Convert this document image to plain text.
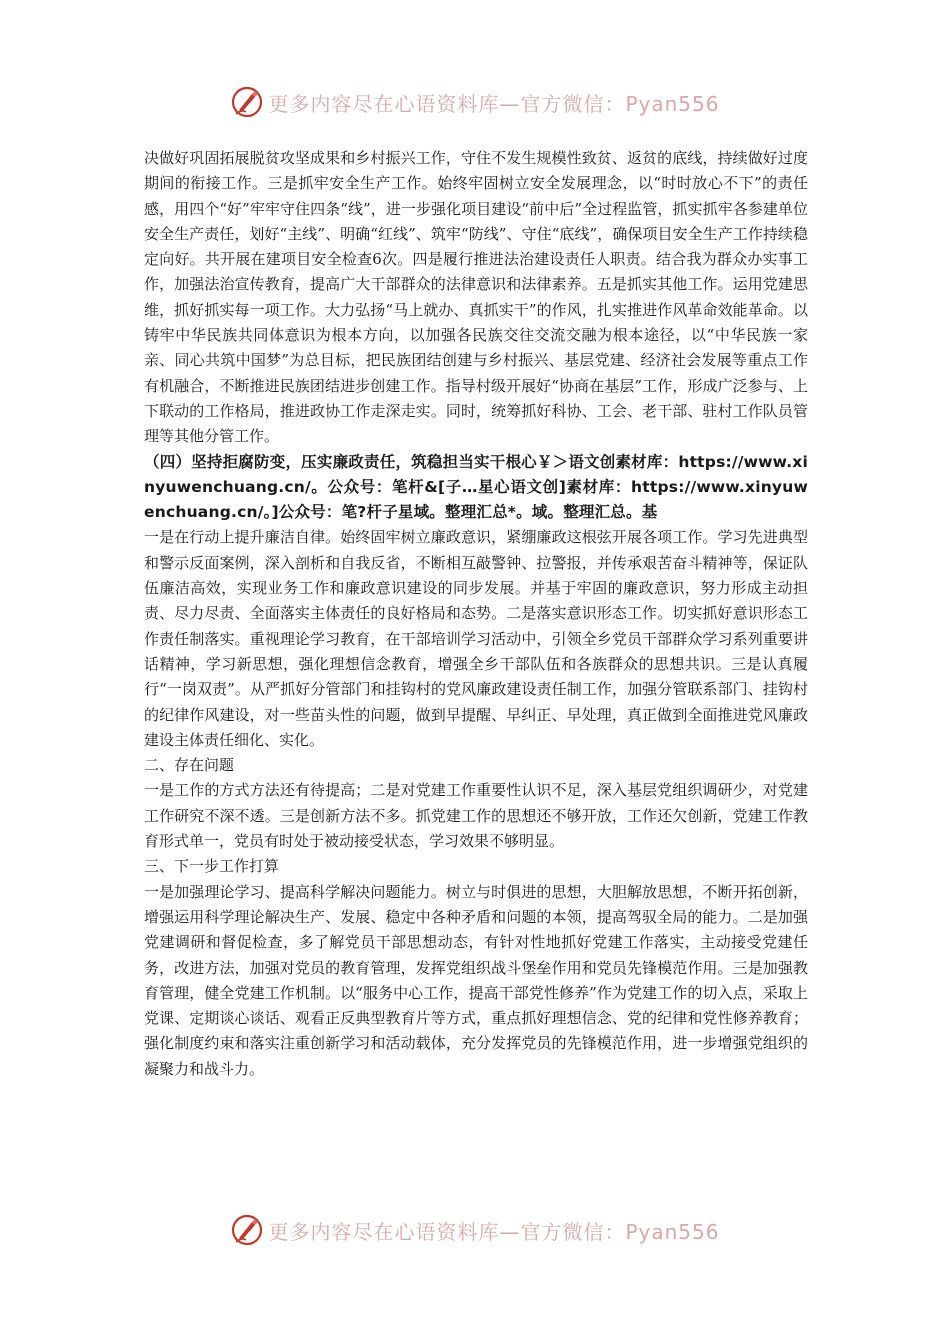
更多内容尽在心语资料库—官方微信：Pyan556

决做好巩固拓展脱贫攻坚成果和乡村振兴工作，守住不发生规模性致贫、返贫的底线，持续做好过度期间的衔接工作。三是抓牢安全生产工作。始终牢固树立安全发展理念，以“时时放心不下”的责任感，用四个“好”牢牢守住四条“线”，进一步强化项目建设“前中后”全过程监管，抓实抓牢各参建单位安全生产责任，划好“主线”、明确“红线”、筑牢“防线”、守住“底线”，确保项目安全生产工作持续稳定向好。共开展在建项目安全检查6次。四是履行推进法治建设责任人职责。结合我为群众办实事工作，加强法治宣传教育，提高广大干部群众的法律意识和法律素养。五是抓实其他工作。运用党建思维，抓好抓实每一项工作。大力弘扬“马上就办、真抓实干”的作风，扎实推进作风革命效能革命。以铸牢中华民族共同体意识为根本方向，以加强各民族交往交流交融为根本途径，以“中华民族一家亲、同心共筑中国梦”为总目标，把民族团结创建与乡村振兴、基层党建、经济社会发展等重点工作有机融合，不断推进民族团结进步创建工作。指导村级开展好“协商在基层”工作，形成广泛参与、上下联动的工作格局，推进政协工作走深走实。同时，统筹抓好科协、工会、老干部、驻村工作队员管理等其他分管工作。

（四）坚持拒腐防变，压实廉政责任，筑稳担当实干根心￥＞语文创素材库：https://www.xinyuwenchuang.cn/。公众号：笔杆&[子…星心语文创]素材库：https://www.xinyuwenchuang.cn/。]公众号：笔?杆子星域。整理汇总*。域。整理汇总。基

一是在行动上提升廉洁自律。始终固牢树立廉政意识，紧绷廉政这根弦开展各项工作。学习先进典型和警示反面案例，深入剖析和自我反省，不断相互敲警钟、拉警报，并传承艰苦奋斗精神等，保证队伍廉洁高效，实现业务工作和廉政意识建设的同步发展。并基于牢固的廉政意识，努力形成主动担责、尽力尽责、全面落实主体责任的良好格局和态势。二是落实意识形态工作。切实抓好意识形态工作责任制落实。重视理论学习教育，在干部培训学习活动中，引领全乡党员干部群众学习系列重要讲话精神，学习新思想，强化理想信念教育，增强全乡干部队伍和各族群众的思想共识。三是认真履行“一岗双责”。从严抓好分管部门和挂钩村的党风廉政建设责任制工作，加强分管联系部门、挂钩村的纪律作风建设，对一些苗头性的问题，做到早提醒、早纠正、早处理，真正做到全面推进党风廉政建设主体责任细化、实化。

二、存在问题

一是工作的方式方法还有待提高；二是对党建工作重要性认识不足，深入基层党组织调研少，对党建工作研究不深不透。三是创新方法不多。抓党建工作的思想还不够开放，工作还欠创新，党建工作教育形式单一，党员有时处于被动接受状态，学习效果不够明显。

三、下一步工作打算

一是加强理论学习、提高科学解决问题能力。树立与时俱进的思想，大胆解放思想，不断开拓创新，增强运用科学理论解决生产、发展、稳定中各种矛盾和问题的本领，提高驾驭全局的能力。二是加强党建调研和督促检查，多了解党员干部思想动态，有针对性地抓好党建工作落实，主动接受党建任务，改进方法，加强对党员的教育管理，发挥党组织战斗堡垒作用和党员先锋模范作用。三是加强教育管理，健全党建工作机制。以“服务中心工作，提高干部党性修养”作为党建工作的切入点，采取上党课、定期谈心谈话、观看正反典型教育片等方式，重点抓好理想信念、党的纪律和党性修养教育；强化制度约束和落实注重创新学习和活动载体，充分发挥党员的先锋模范作用，进一步增强党组织的凝聚力和战斗力。

更多内容尽在心语资料库—官方微信：Pyan556
